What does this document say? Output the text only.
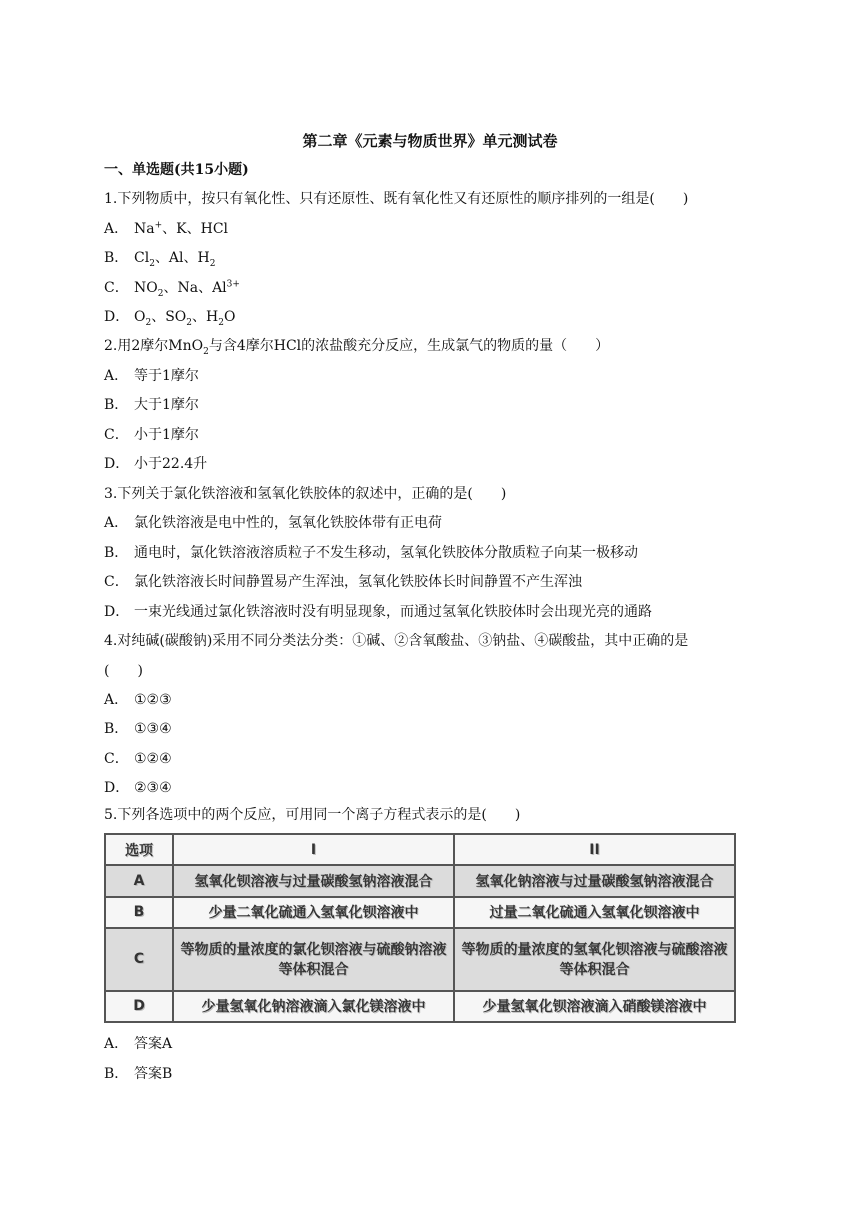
第二章《元素与物质世界》单元测试卷
一、单选题(共15小题)
1.下列物质中，按只有氧化性、只有还原性、既有氧化性又有还原性的顺序排列的一组是(　　)
A． Na+、K、HCl
B． $Cl_2$、Al、$H_2$
C． $NO_2$、Na、$Al^{3+}$
D． $O_2$、$SO_2$、$H_2O$
2.用2摩尔MnO$_2$与含4摩尔HCl的浓盐酸充分反应，生成氯气的物质的量（　　）
A． 等于1摩尔
B． 大于1摩尔
C． 小于1摩尔
D． 小于22.4升
3.下列关于氯化铁溶液和氢氧化铁胶体的叙述中，正确的是(　　)
A． 氯化铁溶液是电中性的，氢氧化铁胶体带有正电荷
B． 通电时，氯化铁溶液溶质粒子不发生移动，氢氧化铁胶体分散质粒子向某一极移动
C． 氯化铁溶液长时间静置易产生浑浊，氢氧化铁胶体长时间静置不产生浑浊
D． 一束光线通过氯化铁溶液时没有明显现象，而通过氢氧化铁胶体时会出现光亮的通路
4.对纯碱(碳酸钠)采用不同分类法分类：①碱、②含氧酸盐、③钠盐、④碳酸盐，其中正确的是
(　　)
A． ①②③
B． ①③④
C． ①②④
D． ②③④
5.下列各选项中的两个反应，可用同一个离子方程式表示的是(　　)
选项	I	II
A	氢氧化钡溶液与过量碳酸氢钠溶液混合	氢氧化钠溶液与过量碳酸氢钠溶液混合
B	少量二氧化硫通入氢氧化钡溶液中	过量二氧化硫通入氢氧化钡溶液中
C	等物质的量浓度的氯化钡溶液与硫酸钠溶液等体积混合	等物质的量浓度的氢氧化钡溶液与硫酸溶液等体积混合
D	少量氢氧化钠溶液滴入氯化镁溶液中	少量氢氧化钡溶液滴入硝酸镁溶液中
A． 答案A
B． 答案B
